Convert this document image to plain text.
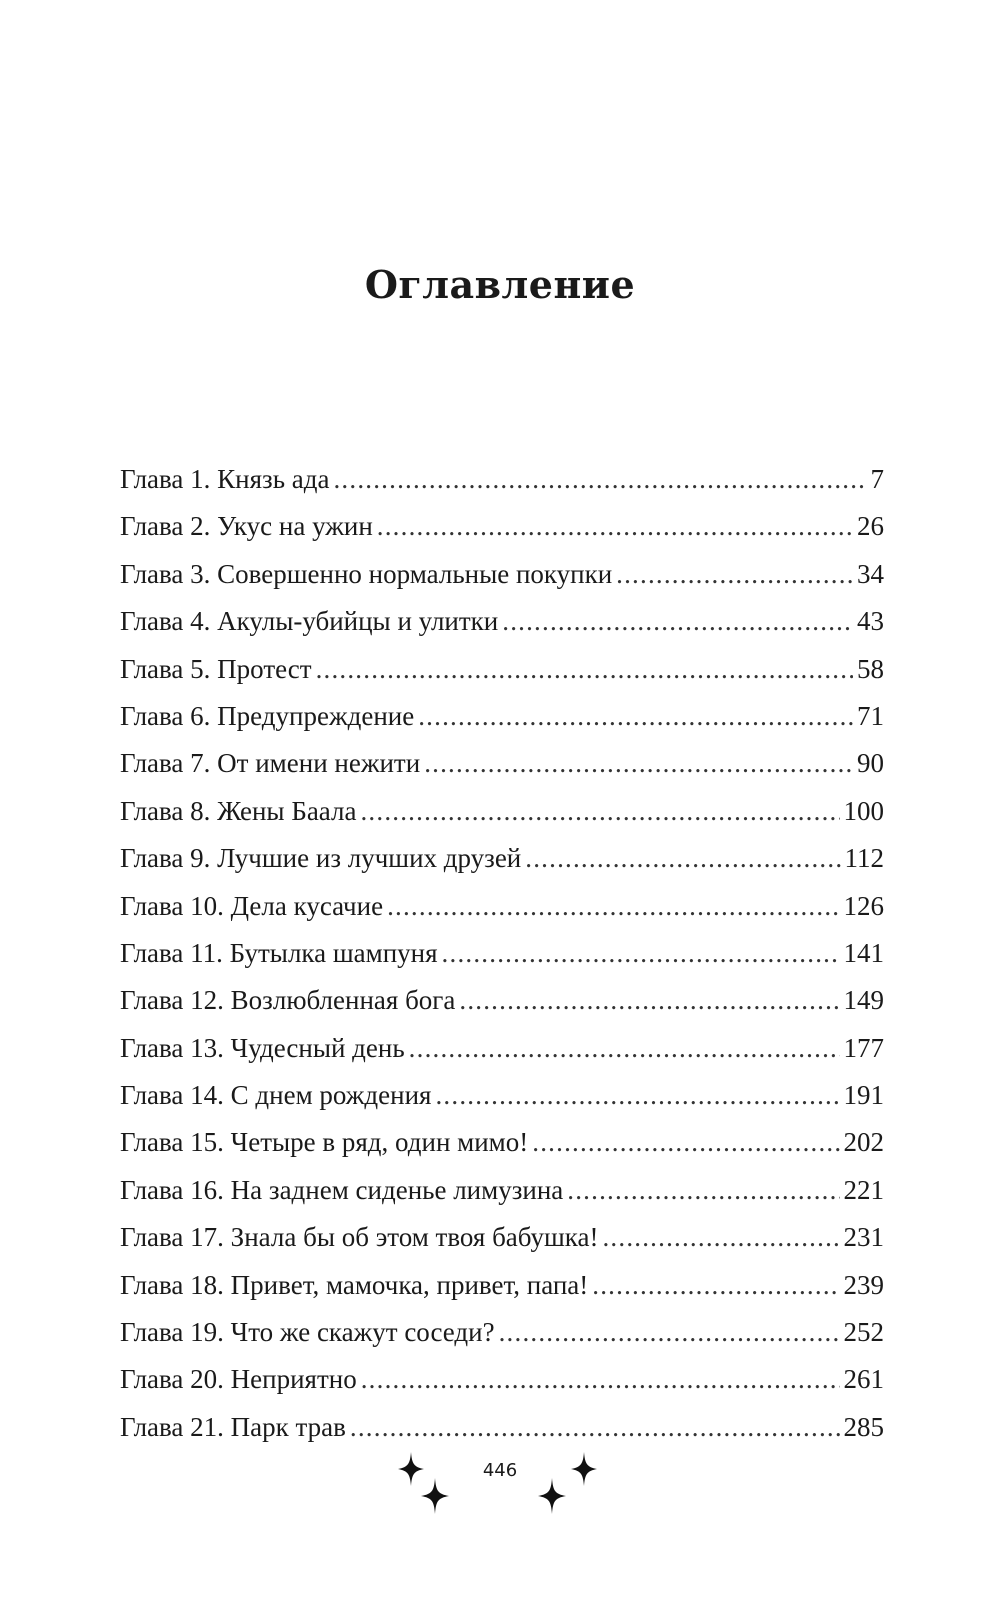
Оглавление
Глава 1. Князь ада .....	7
Глава 2. Укус на ужин .....	26
Глава 3. Совершенно нормальные покупки .....	34
Глава 4. Акулы-убийцы и улитки .....	43
Глава 5. Протест .....	58
Глава 6. Предупреждение .....	71
Глава 7. От имени нежити .....	90
Глава 8. Жены Баала .....	100
Глава 9. Лучшие из лучших друзей .....	112
Глава 10. Дела кусачие .....	126
Глава 11. Бутылка шампуня .....	141
Глава 12. Возлюбленная бога .....	149
Глава 13. Чудесный день .....	177
Глава 14. С днем рождения .....	191
Глава 15. Четыре в ряд, один мимо! .....	202
Глава 16. На заднем сиденье лимузина .....	221
Глава 17. Знала бы об этом твоя бабушка! .....	231
Глава 18. Привет, мамочка, привет, папа! .....	239
Глава 19. Что же скажут соседи? .....	252
Глава 20. Неприятно .....	261
Глава 21. Парк трав .....	285
446
